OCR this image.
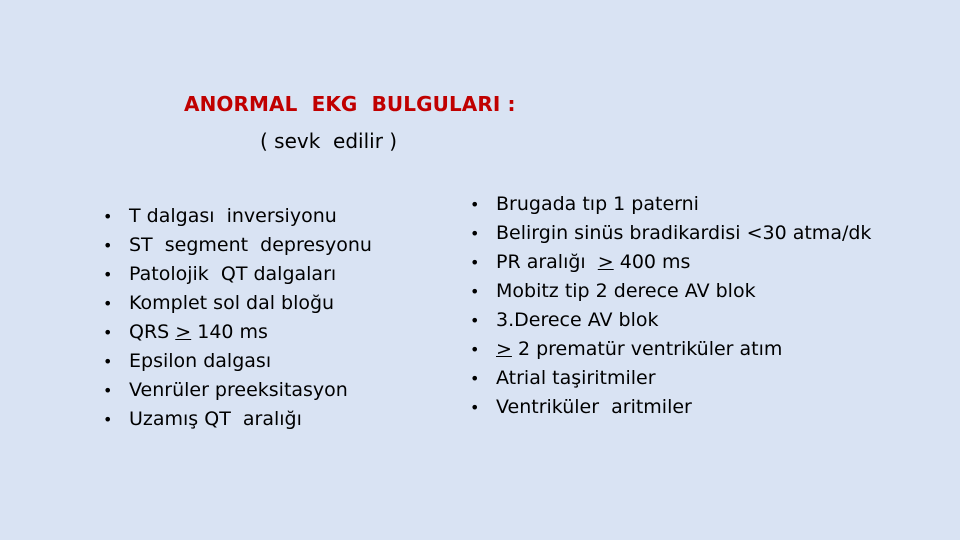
ANORMAL  EKG  BULGULARI :
( sevk  edilir )
• T dalgası  inversiyonu
• ST  segment  depresyonu
• Patolojik  QT dalgaları
• Komplet sol dal bloğu
• QRS > 140 ms
• Epsilon dalgası
• Venrüler preeksitasyon
• Uzamış QT  aralığı
• Brugada tıp 1 paterni
• Belirgin sinüs bradikardisi <30 atma/dk
• PR aralığı  > 400 ms
• Mobitz tip 2 derece AV blok
• 3.Derece AV blok
• > 2 prematür ventriküler atım
• Atrial taşiritmiler
• Ventriküler  aritmiler
